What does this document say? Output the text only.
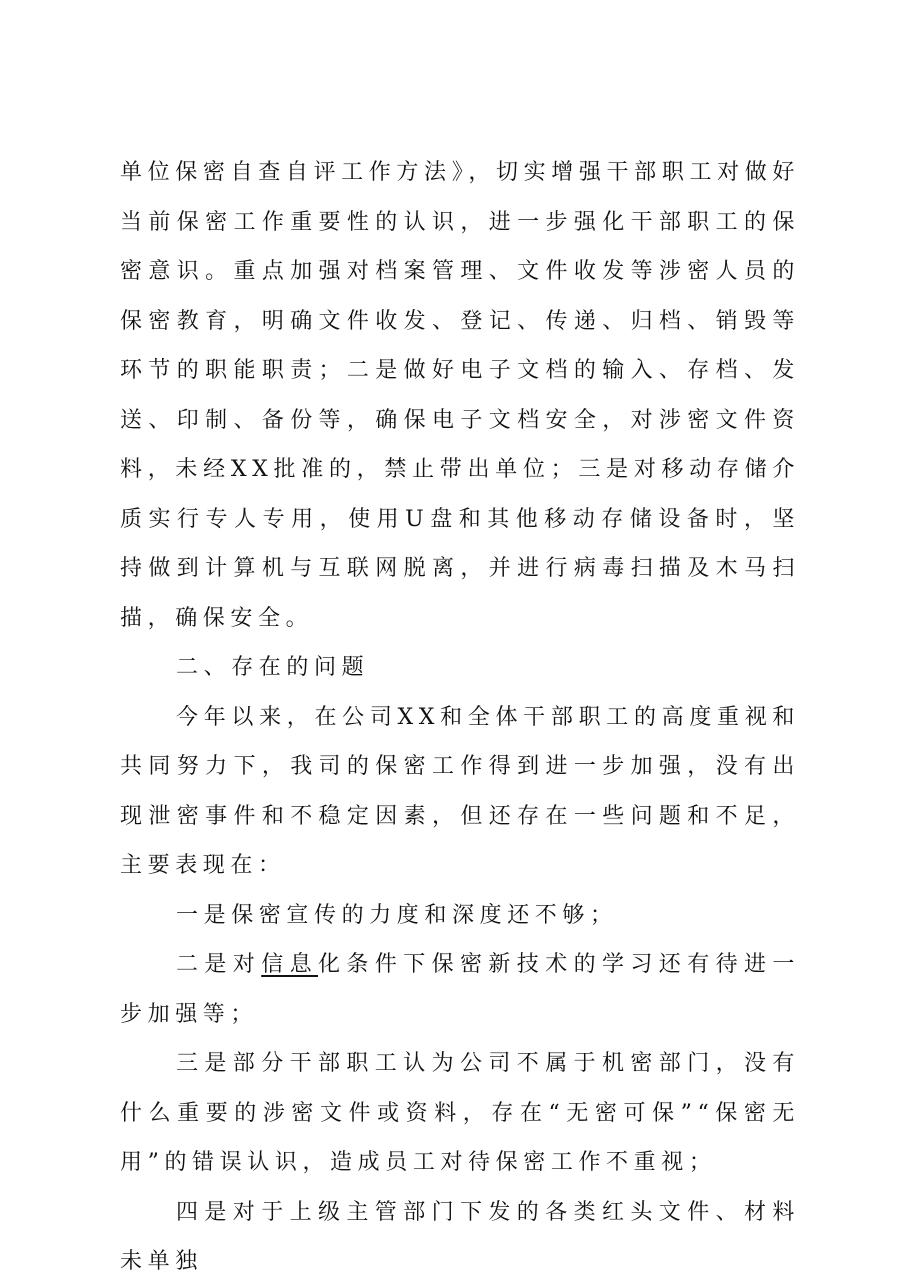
单位保密自查自评工作方法》，切实增强干部职工对做好当前保密工作重要性的认识，进一步强化干部职工的保密意识。重点加强对档案管理、文件收发等涉密人员的保密教育，明确文件收发、登记、传递、归档、销毁等环节的职能职责；二是做好电子文档的输入、存档、发送、印制、备份等，确保电子文档安全，对涉密文件资料，未经XX批准的，禁止带出单位；三是对移动存储介质实行专人专用，使用U盘和其他移动存储设备时，坚持做到计算机与互联网脱离，并进行病毒扫描及木马扫描，确保安全。

二、存在的问题

今年以来，在公司XX和全体干部职工的高度重视和共同努力下，我司的保密工作得到进一步加强，没有出现泄密事件和不稳定因素，但还存在一些问题和不足，主要表现在：

一是保密宣传的力度和深度还不够；

二是对信息化条件下保密新技术的学习还有待进一步加强等；

三是部分干部职工认为公司不属于机密部门，没有什么重要的涉密文件或资料，存在“无密可保”“保密无用”的错误认识，造成员工对待保密工作不重视；

四是对于上级主管部门下发的各类红头文件、材料未单独
